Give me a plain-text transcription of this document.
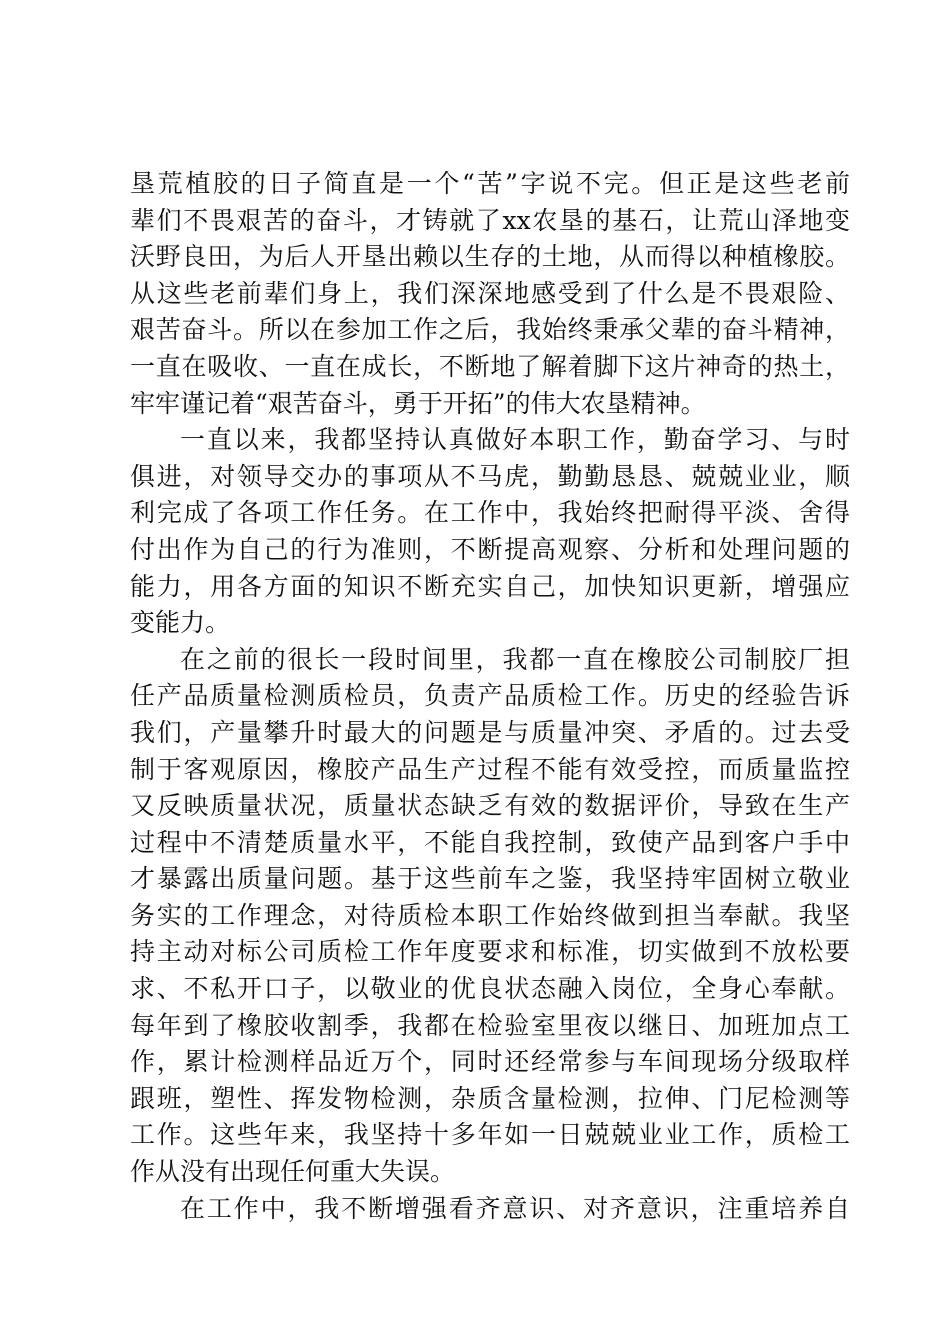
垦荒植胶的日子简直是一个“苦”字说不完。但正是这些老前
辈们不畏艰苦的奋斗，才铸就了xx农垦的基石，让荒山泽地变
沃野良田，为后人开垦出赖以生存的土地，从而得以种植橡胶。
从这些老前辈们身上，我们深深地感受到了什么是不畏艰险、
艰苦奋斗。所以在参加工作之后，我始终秉承父辈的奋斗精神，
一直在吸收、一直在成长，不断地了解着脚下这片神奇的热土，
牢牢谨记着“艰苦奋斗，勇于开拓”的伟大农垦精神。
一直以来，我都坚持认真做好本职工作，勤奋学习、与时
俱进，对领导交办的事项从不马虎，勤勤恳恳、兢兢业业，顺
利完成了各项工作任务。在工作中，我始终把耐得平淡、舍得
付出作为自己的行为准则，不断提高观察、分析和处理问题的
能力，用各方面的知识不断充实自己，加快知识更新，增强应
变能力。
在之前的很长一段时间里，我都一直在橡胶公司制胶厂担
任产品质量检测质检员，负责产品质检工作。历史的经验告诉
我们，产量攀升时最大的问题是与质量冲突、矛盾的。过去受
制于客观原因，橡胶产品生产过程不能有效受控，而质量监控
又反映质量状况，质量状态缺乏有效的数据评价，导致在生产
过程中不清楚质量水平，不能自我控制，致使产品到客户手中
才暴露出质量问题。基于这些前车之鉴，我坚持牢固树立敬业
务实的工作理念，对待质检本职工作始终做到担当奉献。我坚
持主动对标公司质检工作年度要求和标准，切实做到不放松要
求、不私开口子，以敬业的优良状态融入岗位，全身心奉献。
每年到了橡胶收割季，我都在检验室里夜以继日、加班加点工
作，累计检测样品近万个，同时还经常参与车间现场分级取样
跟班，塑性、挥发物检测，杂质含量检测，拉伸、门尼检测等
工作。这些年来，我坚持十多年如一日兢兢业业工作，质检工
作从没有出现任何重大失误。
在工作中，我不断增强看齐意识、对齐意识，注重培养自
